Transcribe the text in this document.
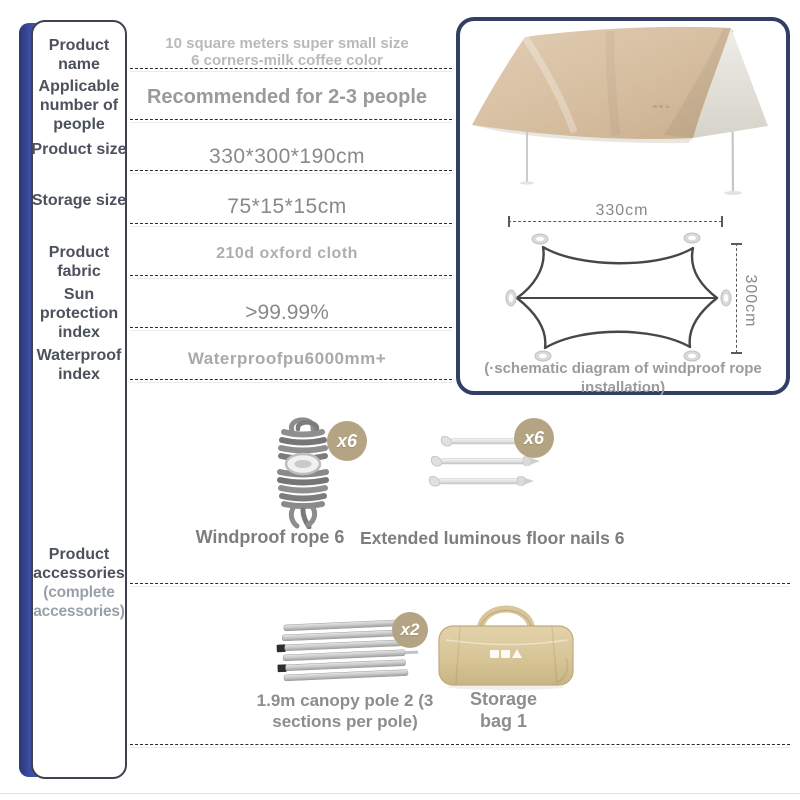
Product name
Applicable number of people
Product size
Storage size
Product fabric
Sun protection index
Waterproof index
Product accessories
(complete accessories)
10 square meters super small size 6 corners-milk coffee color
Recommended for 2-3 people
330*300*190cm
75*15*15cm
210d oxford cloth
>99.99%
Waterproofpu6000mm+
330cm
300cm
(·schematic diagram of windproof rope installation)
x6	x6
x2
Windproof rope 6 Extended luminous floor nails 6
1.9m canopy pole 2 (3 sections per pole)
Storage bag 1
